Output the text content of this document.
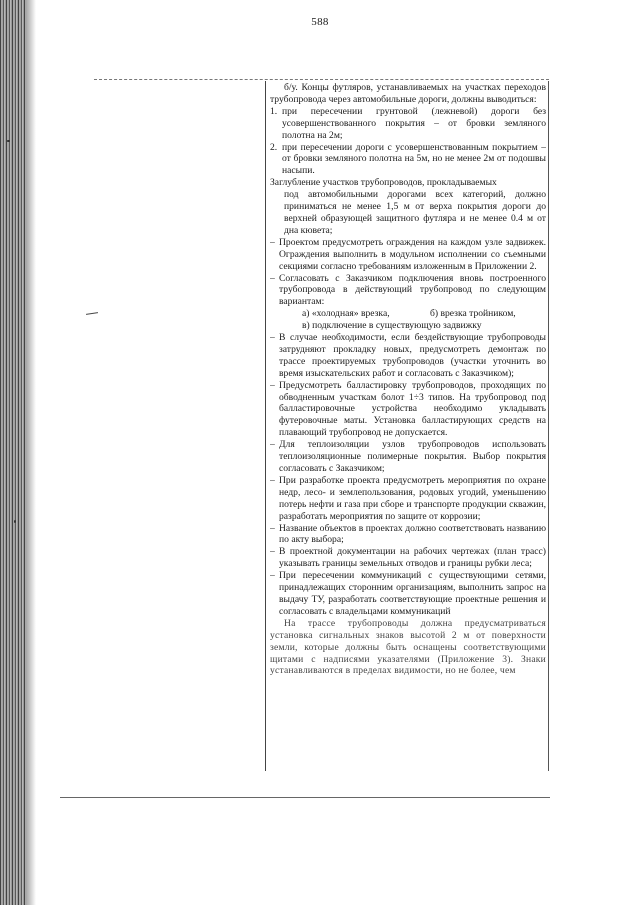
588

б/у. Концы футляров, устанавливаемых на участках переходов трубопровода через автомобильные дороги, должны выводиться:

1. при пересечении грунтовой (лежневой) дороги без усовершенствованного покрытия – от бровки земляного полотна на 2м;
2. при пересечении дороги с усовершенствованным покрытием – от бровки земляного полотна на 5м, но не менее 2м от подошвы насыпи.

Заглубление участков трубопроводов, прокладываемых
под автомобильными дорогами всех категорий, должно приниматься не менее 1,5 м от верха покрытия дороги до верхней образующей защитного футляра и не менее 0.4 м от дна кювета;

– Проектом предусмотреть ограждения на каждом узле задвижек. Ограждения выполнить в модульном исполнении со съемными секциями согласно требованиям изложенным в Приложении 2.
– Согласовать с Заказчиком подключения вновь построенного трубопровода в действующий трубопровод по следующим вариантам:
а) «холодная» врезка,	б) врезка тройником,
в) подключение в существующую задвижку
– В случае необходимости, если бездействующие трубопроводы затрудняют прокладку новых, предусмотреть демонтаж по трассе проектируемых трубопроводов (участки уточнить во время изыскательских работ и согласовать с Заказчиком);
– Предусмотреть балластировку трубопроводов, проходящих по обводненным участкам болот 1÷3 типов. На трубопровод под балластировочные устройства необходимо укладывать футеровочные маты. Установка балластирующих средств на плавающий трубопровод не допускается.
– Для теплоизоляции узлов трубопроводов использовать теплоизоляционные полимерные покрытия. Выбор покрытия согласовать с Заказчиком;
– При разработке проекта предусмотреть мероприятия по охране недр, лесо- и землепользования, родовых угодий, уменьшению потерь нефти и газа при сборе и транспорте продукции скважин, разработать мероприятия по защите от коррозии;
– Название объектов в проектах должно соответствовать названию по акту выбора;
– В проектной документации на рабочих чертежах (план трасс) указывать границы земельных отводов и границы рубки леса;
– При пересечении коммуникаций с существующими сетями, принадлежащих сторонним организациям, выполнить запрос на выдачу ТУ, разработать соответствующие проектные решения и согласовать с владельцами коммуникаций

На трассе трубопроводы должна предусматриваться установка сигнальных знаков высотой 2 м от поверхности земли, которые должны быть оснащены соответствующими щитами с надписями указателями (Приложение 3). Знаки устанавливаются в пределах видимости, но не более, чем
